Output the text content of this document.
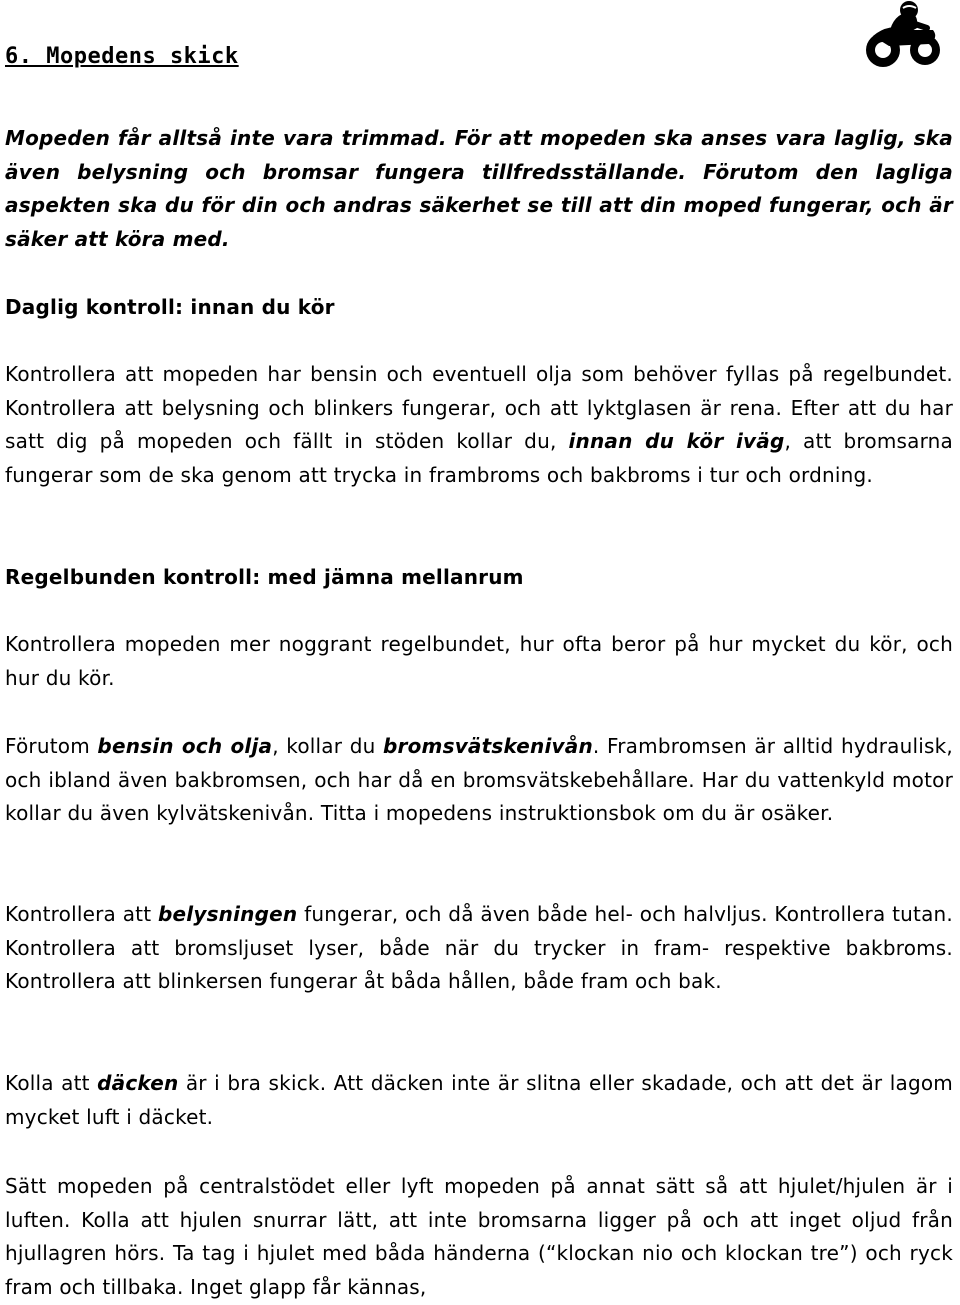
6. Mopedens skick
Mopeden får alltså inte vara trimmad. För att mopeden ska anses vara laglig, ska även belysning och bromsar fungera tillfredsställande. Förutom den lagliga aspekten ska du för din och andras säkerhet se till att din moped fungerar, och är säker att köra med.
Daglig kontroll: innan du kör
Kontrollera att mopeden har bensin och eventuell olja som behöver fyllas på regelbundet. Kontrollera att belysning och blinkers fungerar, och att lyktglasen är rena. Efter att du har satt dig på mopeden och fällt in stöden kollar du, innan du kör iväg, att bromsarna fungerar som de ska genom att trycka in frambroms och bakbroms i tur och ordning.
Regelbunden kontroll: med jämna mellanrum
Kontrollera mopeden mer noggrant regelbundet, hur ofta beror på hur mycket du kör, och hur du kör.
Förutom bensin och olja, kollar du bromsvätskenivån. Frambromsen är alltid hydraulisk, och ibland även bakbromsen, och har då en bromsvätskebehållare. Har du vattenkyld motor kollar du även kylvätskenivån. Titta i mopedens instruktionsbok om du är osäker.
Kontrollera att belysningen fungerar, och då även både hel- och halvljus. Kontrollera tutan. Kontrollera att bromsljuset lyser, både när du trycker in fram- respektive bakbroms. Kontrollera att blinkersen fungerar åt båda hållen, både fram och bak.
Kolla att däcken är i bra skick. Att däcken inte är slitna eller skadade, och att det är lagom mycket luft i däcket.
Sätt mopeden på centralstödet eller lyft mopeden på annat sätt så att hjulet/hjulen är i luften. Kolla att hjulen snurrar lätt, att inte bromsarna ligger på och att inget oljud från hjullagren hörs. Ta tag i hjulet med båda händerna (“klockan nio och klockan tre”) och ryck fram och tillbaka. Inget glapp får kännas,
